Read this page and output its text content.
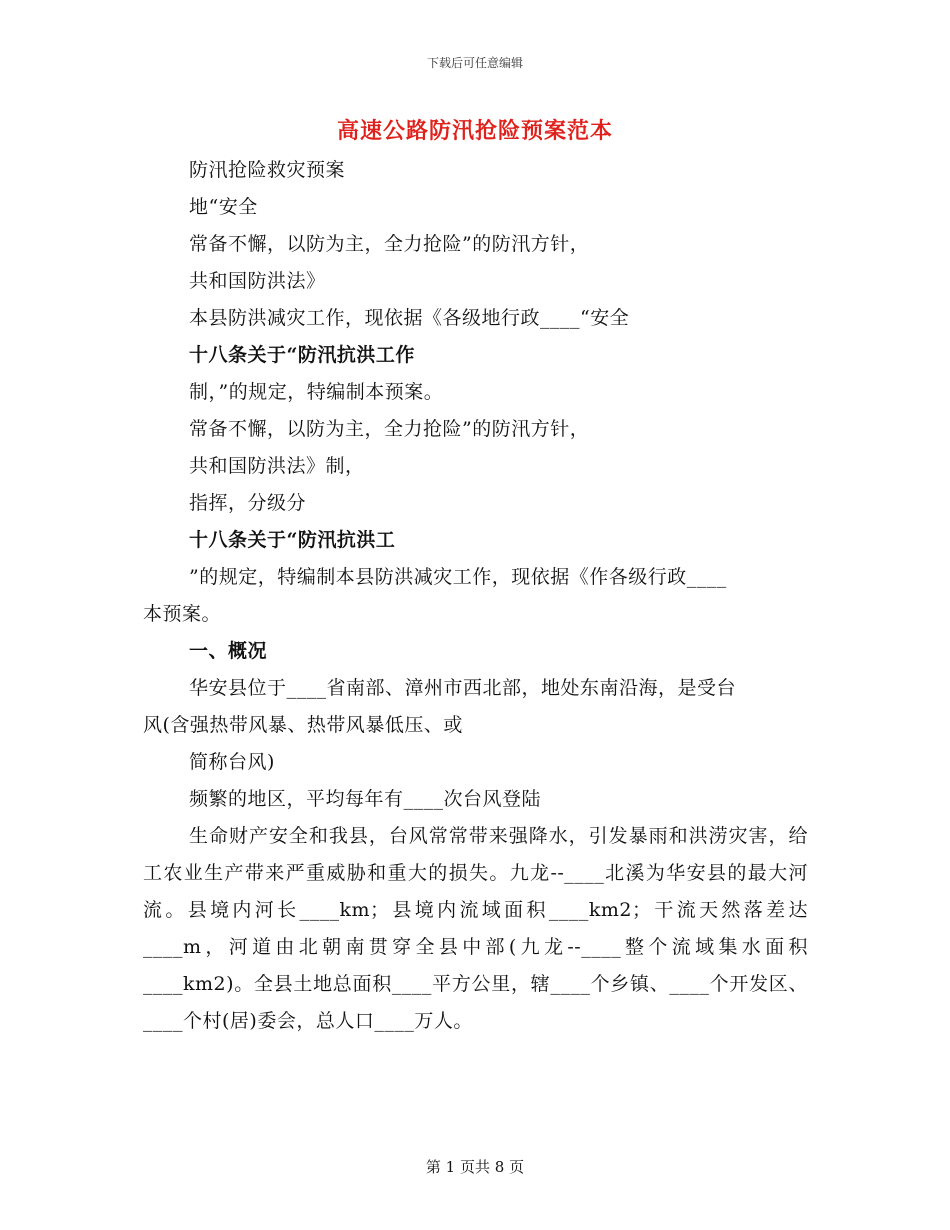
下载后可任意编辑
高速公路防汛抢险预案范本
防汛抢险救灾预案
地“安全
常备不懈，以防为主，全力抢险”的防汛方针，
共和国防洪法》
本县防洪减灾工作，现依据《各级地行政____“安全
十八条关于“防汛抗洪工作
制，”的规定，特编制本预案。
常备不懈，以防为主，全力抢险”的防汛方针，
共和国防洪法》制，
指挥，分级分
十八条关于“防汛抗洪工
”的规定，特编制本县防洪减灾工作，现依据《作各级行政____
本预案。
一、概况
华安县位于____省南部、漳州市西北部，地处东南沿海，是受台
风(含强热带风暴、热带风暴低压、或
简称台风)
频繁的地区，平均每年有____次台风登陆
生命财产安全和我县，台风常常带来强降水，引发暴雨和洪涝灾害，给工农业生产带来严重威胁和重大的损失。九龙--____北溪为华安县的最大河流。县境内河长____km；县境内流域面积____km2；干流天然落差达____m，河道由北朝南贯穿全县中部(九龙--____整个流域集水面积____km2)。全县土地总面积____平方公里，辖____个乡镇、____个开发区、____个村(居)委会，总人口____万人。
第 1 页共 8 页
